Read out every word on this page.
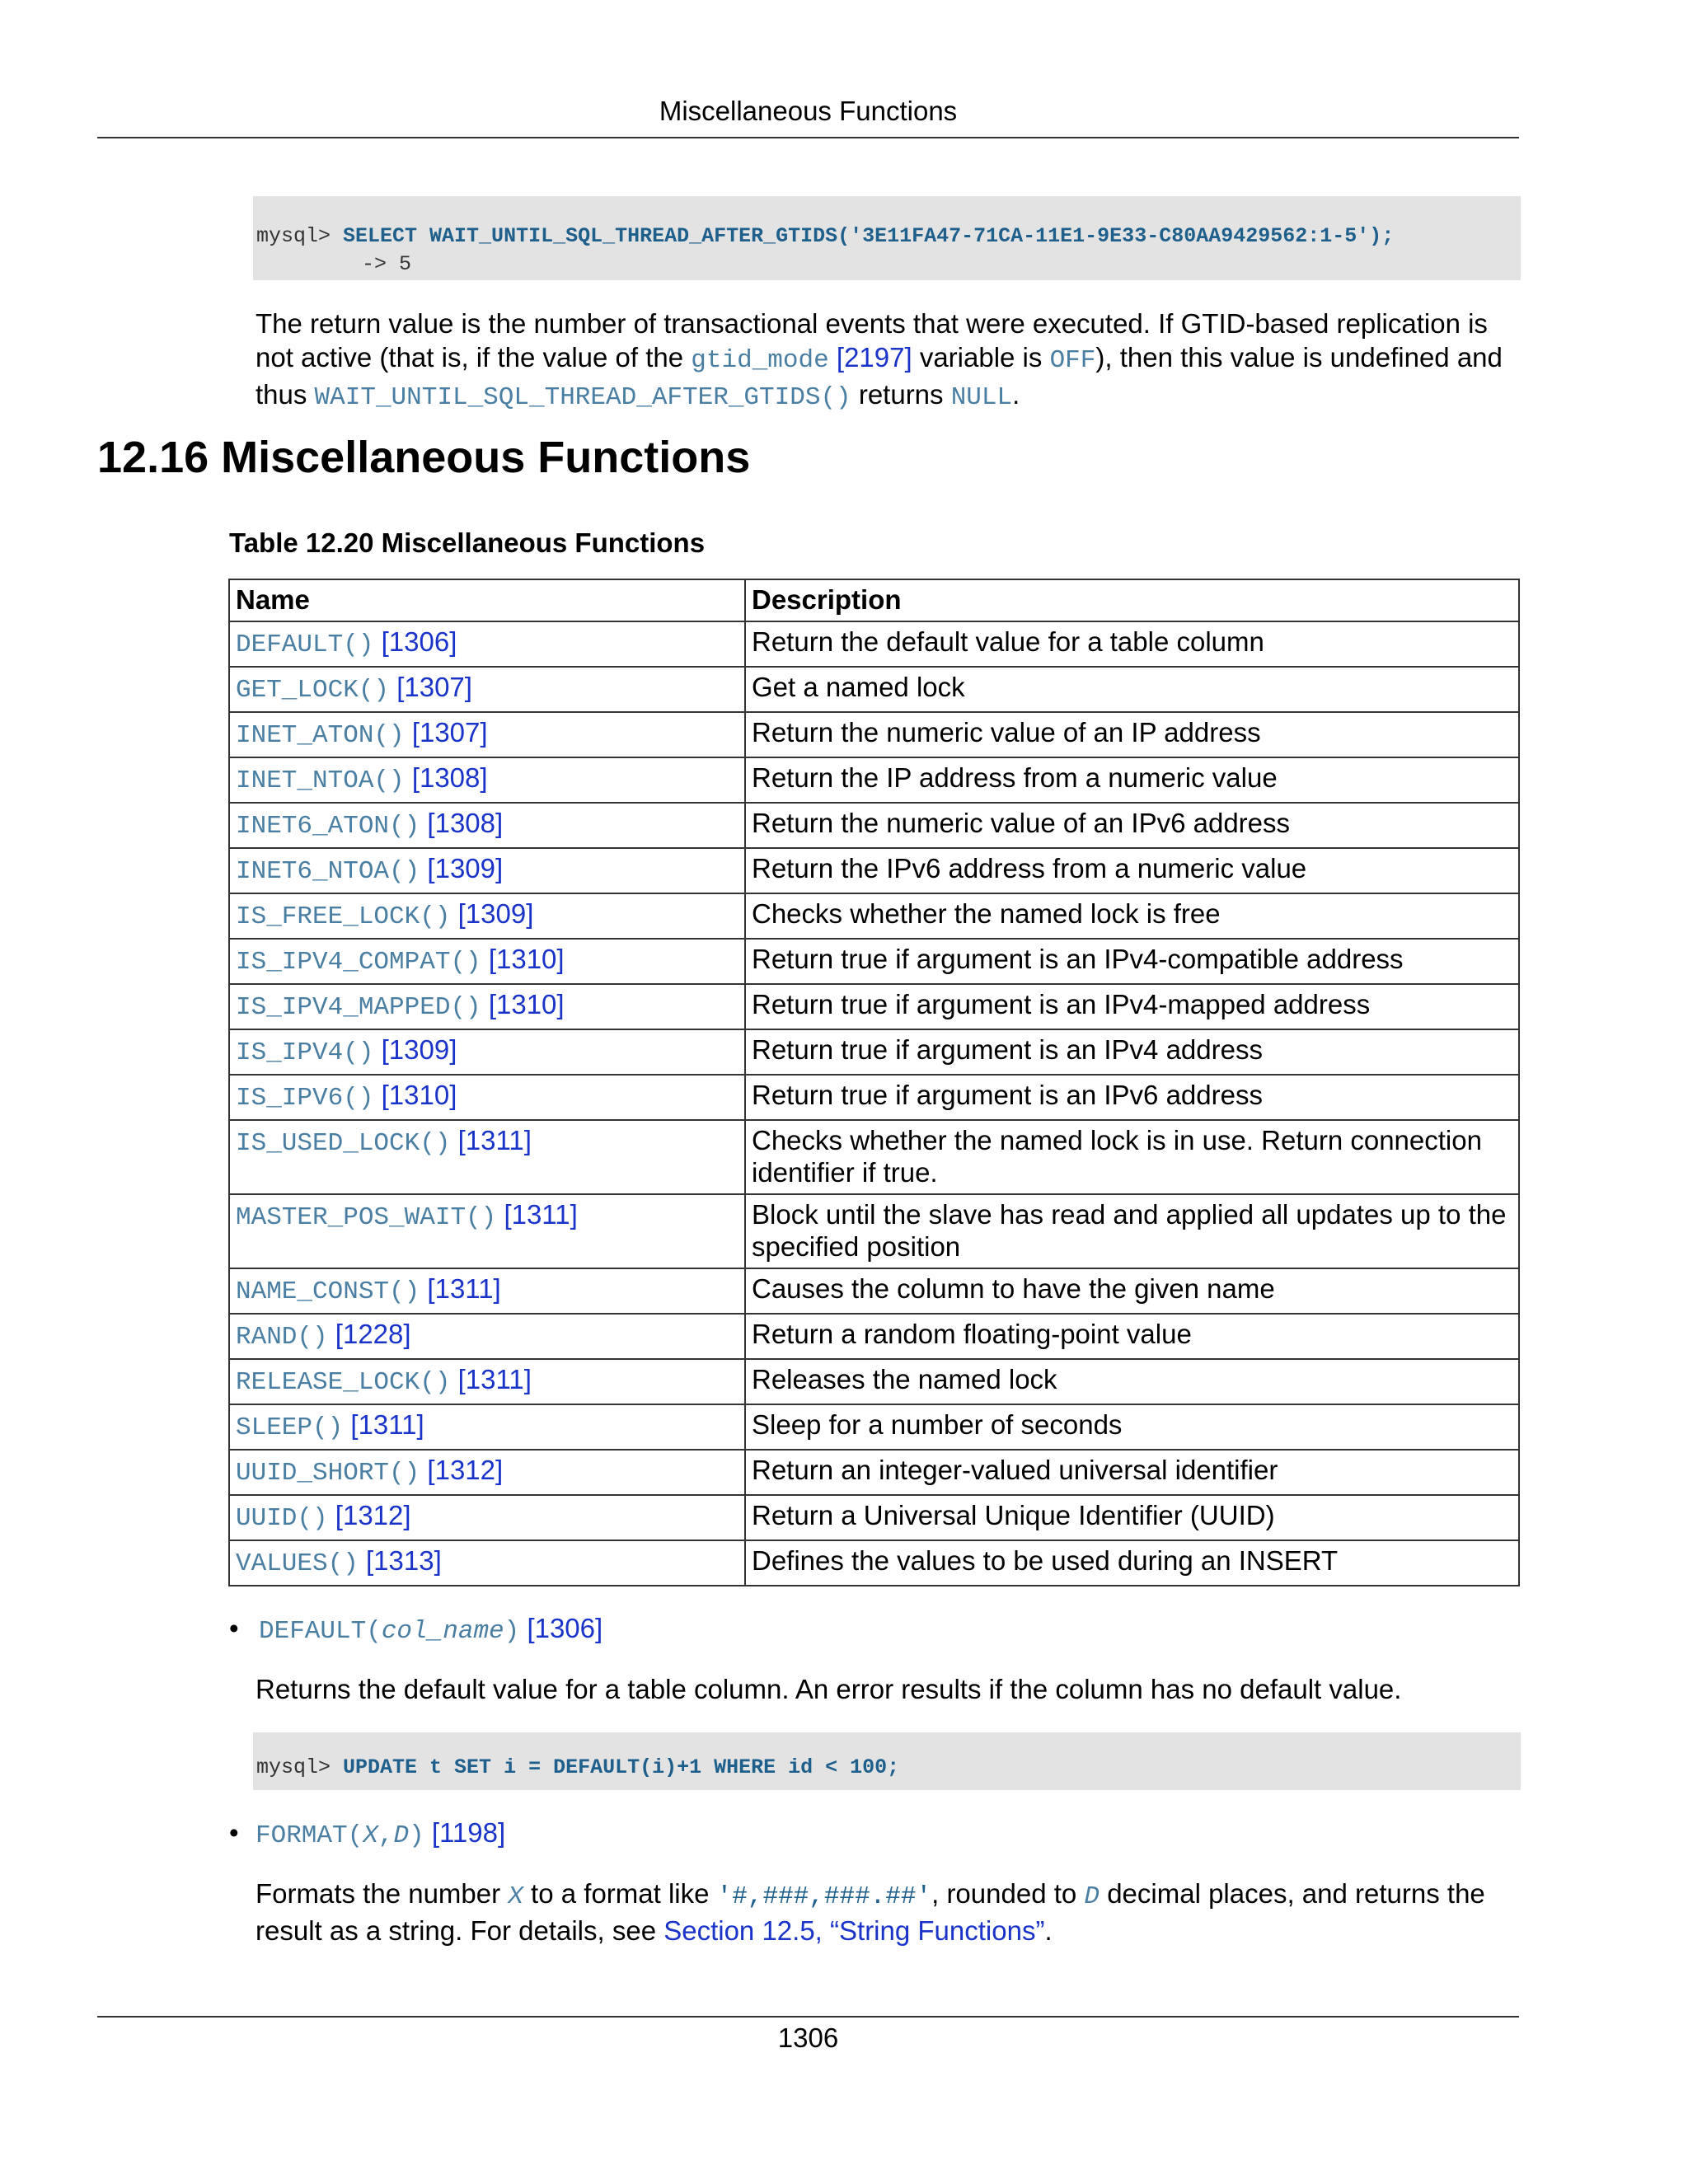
Miscellaneous Functions
mysql> SELECT WAIT_UNTIL_SQL_THREAD_AFTER_GTIDS('3E11FA47-71CA-11E1-9E33-C80AA9429562:1-5');
-> 5
The return value is the number of transactional events that were executed. If GTID-based replication is not active (that is, if the value of the gtid_mode [2197] variable is OFF), then this value is undefined and thus WAIT_UNTIL_SQL_THREAD_AFTER_GTIDS() returns NULL.
12.16 Miscellaneous Functions
Table 12.20 Miscellaneous Functions
Name	Description
DEFAULT() [1306]	Return the default value for a table column
GET_LOCK() [1307]	Get a named lock
INET_ATON() [1307]	Return the numeric value of an IP address
INET_NTOA() [1308]	Return the IP address from a numeric value
INET6_ATON() [1308]	Return the numeric value of an IPv6 address
INET6_NTOA() [1309]	Return the IPv6 address from a numeric value
IS_FREE_LOCK() [1309]	Checks whether the named lock is free
IS_IPV4_COMPAT() [1310]	Return true if argument is an IPv4-compatible address
IS_IPV4_MAPPED() [1310]	Return true if argument is an IPv4-mapped address
IS_IPV4() [1309]	Return true if argument is an IPv4 address
IS_IPV6() [1310]	Return true if argument is an IPv6 address
IS_USED_LOCK() [1311]	Checks whether the named lock is in use. Return connection identifier if true.
MASTER_POS_WAIT() [1311]	Block until the slave has read and applied all updates up to the specified position
NAME_CONST() [1311]	Causes the column to have the given name
RAND() [1228]	Return a random floating-point value
RELEASE_LOCK() [1311]	Releases the named lock
SLEEP() [1311]	Sleep for a number of seconds
UUID_SHORT() [1312]	Return an integer-valued universal identifier
UUID() [1312]	Return a Universal Unique Identifier (UUID)
VALUES() [1313]	Defines the values to be used during an INSERT
• DEFAULT(col_name) [1306]
Returns the default value for a table column. An error results if the column has no default value.
mysql> UPDATE t SET i = DEFAULT(i)+1 WHERE id < 100;
• FORMAT(X,D) [1198]
Formats the number X to a format like '#,###,###.##', rounded to D decimal places, and returns the result as a string. For details, see Section 12.5, “String Functions”.
1306
